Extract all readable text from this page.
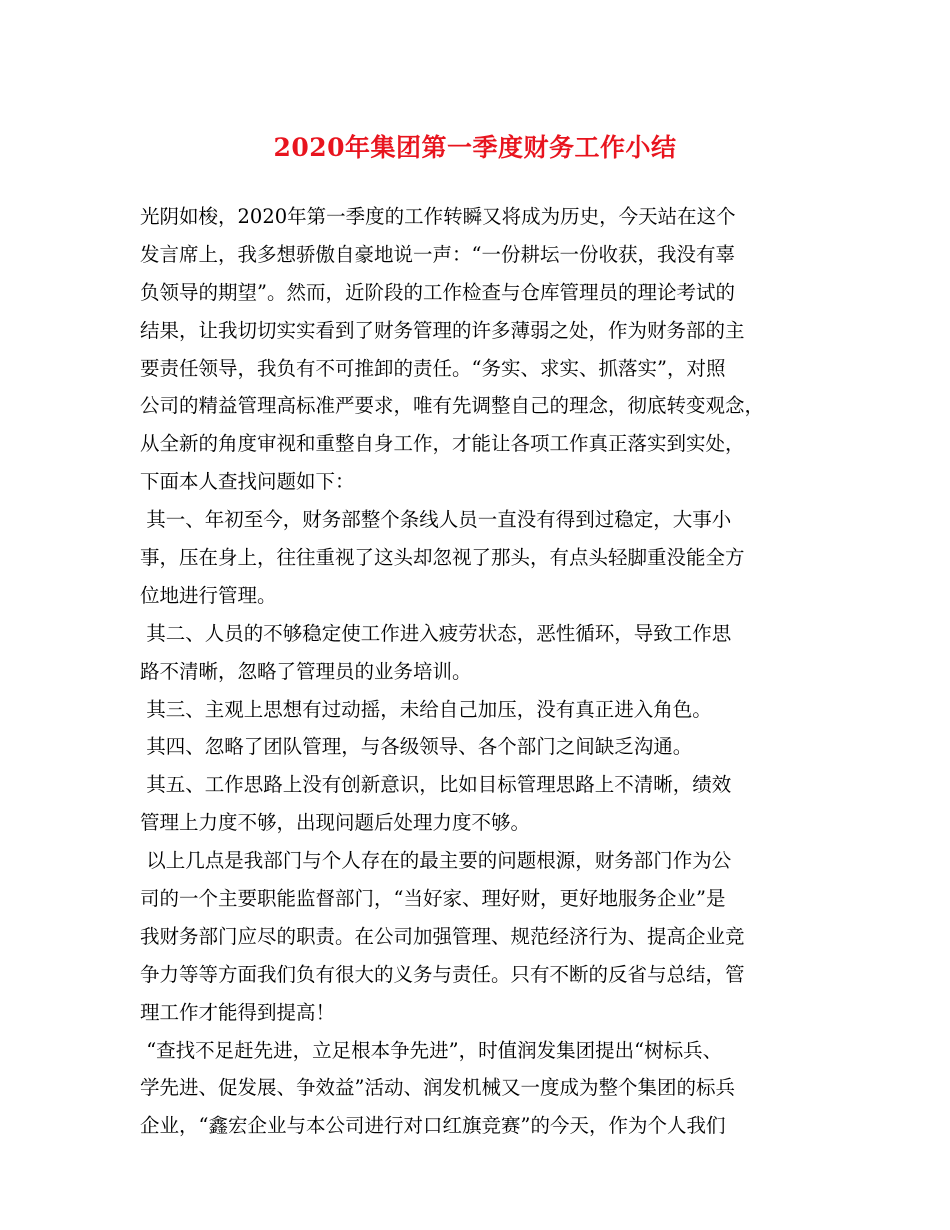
2020年集团第一季度财务工作小结
光阴如梭，2020年第一季度的工作转瞬又将成为历史，今天站在这个
发言席上，我多想骄傲自豪地说一声：“一份耕坛一份收获，我没有辜
负领导的期望”。然而，近阶段的工作检查与仓库管理员的理论考试的
结果，让我切切实实看到了财务管理的许多薄弱之处，作为财务部的主
要责任领导，我负有不可推卸的责任。“务实、求实、抓落实”，对照
公司的精益管理高标准严要求，唯有先调整自己的理念，彻底转变观念，
从全新的角度审视和重整自身工作，才能让各项工作真正落实到实处，
下面本人查找问题如下：
其一、年初至今，财务部整个条线人员一直没有得到过稳定，大事小
事，压在身上，往往重视了这头却忽视了那头，有点头轻脚重没能全方
位地进行管理。
其二、人员的不够稳定使工作进入疲劳状态，恶性循环，导致工作思
路不清晰，忽略了管理员的业务培训。
其三、主观上思想有过动摇，未给自己加压，没有真正进入角色。
其四、忽略了团队管理，与各级领导、各个部门之间缺乏沟通。
其五、工作思路上没有创新意识，比如目标管理思路上不清晰，绩效
管理上力度不够，出现问题后处理力度不够。
以上几点是我部门与个人存在的最主要的问题根源，财务部门作为公
司的一个主要职能监督部门，“当好家、理好财，更好地服务企业”是
我财务部门应尽的职责。在公司加强管理、规范经济行为、提高企业竞
争力等等方面我们负有很大的义务与责任。只有不断的反省与总结，管
理工作才能得到提高！
“查找不足赶先进，立足根本争先进”，时值润发集团提出“树标兵、
学先进、促发展、争效益”活动、润发机械又一度成为整个集团的标兵
企业，“鑫宏企业与本公司进行对口红旗竞赛”的今天，作为个人我们
